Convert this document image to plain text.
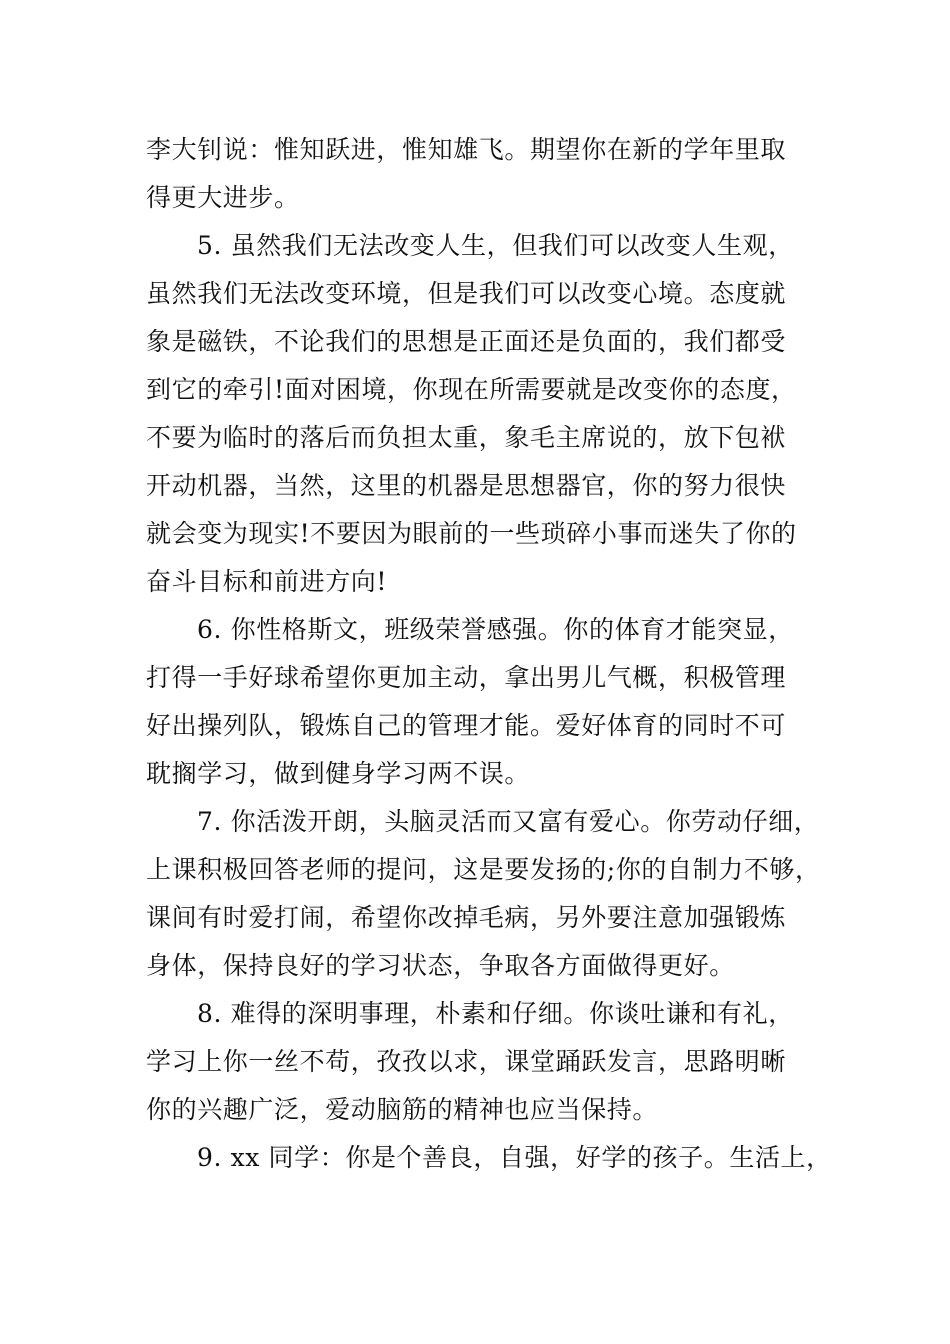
李大钊说：惟知跃进，惟知雄飞。期望你在新的学年里取
得更大进步。
5. 虽然我们无法改变人生，但我们可以改变人生观，
虽然我们无法改变环境，但是我们可以改变心境。态度就
象是磁铁，不论我们的思想是正面还是负面的，我们都受
到它的牵引!面对困境，你现在所需要就是改变你的态度，
不要为临时的落后而负担太重，象毛主席说的，放下包袱
开动机器，当然，这里的机器是思想器官，你的努力很快
就会变为现实!不要因为眼前的一些琐碎小事而迷失了你的
奋斗目标和前进方向!
6. 你性格斯文，班级荣誉感强。你的体育才能突显，
打得一手好球希望你更加主动，拿出男儿气概，积极管理
好出操列队，锻炼自己的管理才能。爱好体育的同时不可
耽搁学习，做到健身学习两不误。
7. 你活泼开朗，头脑灵活而又富有爱心。你劳动仔细，
上课积极回答老师的提问，这是要发扬的;你的自制力不够，
课间有时爱打闹，希望你改掉毛病，另外要注意加强锻炼
身体，保持良好的学习状态，争取各方面做得更好。
8. 难得的深明事理，朴素和仔细。你谈吐谦和有礼，
学习上你一丝不苟，孜孜以求，课堂踊跃发言，思路明晰
你的兴趣广泛，爱动脑筋的精神也应当保持。
9. xx 同学：你是个善良，自强，好学的孩子。生活上，
